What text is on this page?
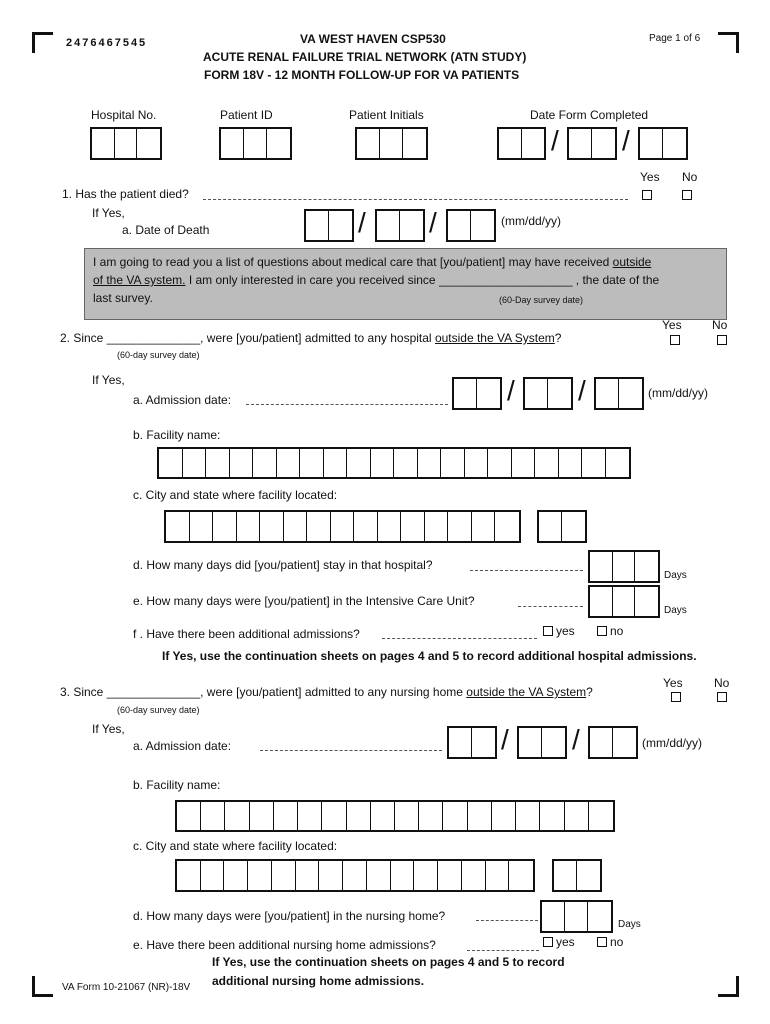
2476467545	VA WEST HAVEN CSP530
ACUTE RENAL FAILURE TRIAL NETWORK (ATN STUDY)
FORM 18V - 12 MONTH FOLLOW-UP FOR VA PATIENTS
Page 1 of 6
Hospital No.	Patient ID	Patient Initials	Date Form Completed
/ /
Yes No
1. Has the patient died?
If Yes,
a. Date of Death	/ /	(mm/dd/yy)
I am going to read you a list of questions about medical care that [you/patient] may have received outside
of the VA system. I am only interested in care you received since ____________________ , the date of the
last survey.	(60-Day survey date)
Yes	No
2. Since ______________, were [you/patient] admitted to any hospital outside the VA System?
(60-day survey date)
If Yes,
a. Admission date:	/ /	(mm/dd/yy)
b. Facility name:
c. City and state where facility located:
d. How many days did [you/patient] stay in that hospital?
Days
e. How many days were [you/patient] in the Intensive Care Unit?
Days
f . Have there been additional admissions?	yes	no
If Yes, use the continuation sheets on pages 4 and 5 to record additional hospital admissions.
Yes	No
3. Since ______________, were [you/patient] admitted to any nursing home outside the VA System?
(60-day survey date)
If Yes,
a. Admission date:	/ /	(mm/dd/yy)
b. Facility name:
c. City and state where facility located:
d. How many days were [you/patient] in the nursing home?
Days
e. Have there been additional nursing home admissions?	yes	no
If Yes, use the continuation sheets on pages 4 and 5 to record
additional nursing home admissions.
VA Form 10-21067 (NR)-18V
